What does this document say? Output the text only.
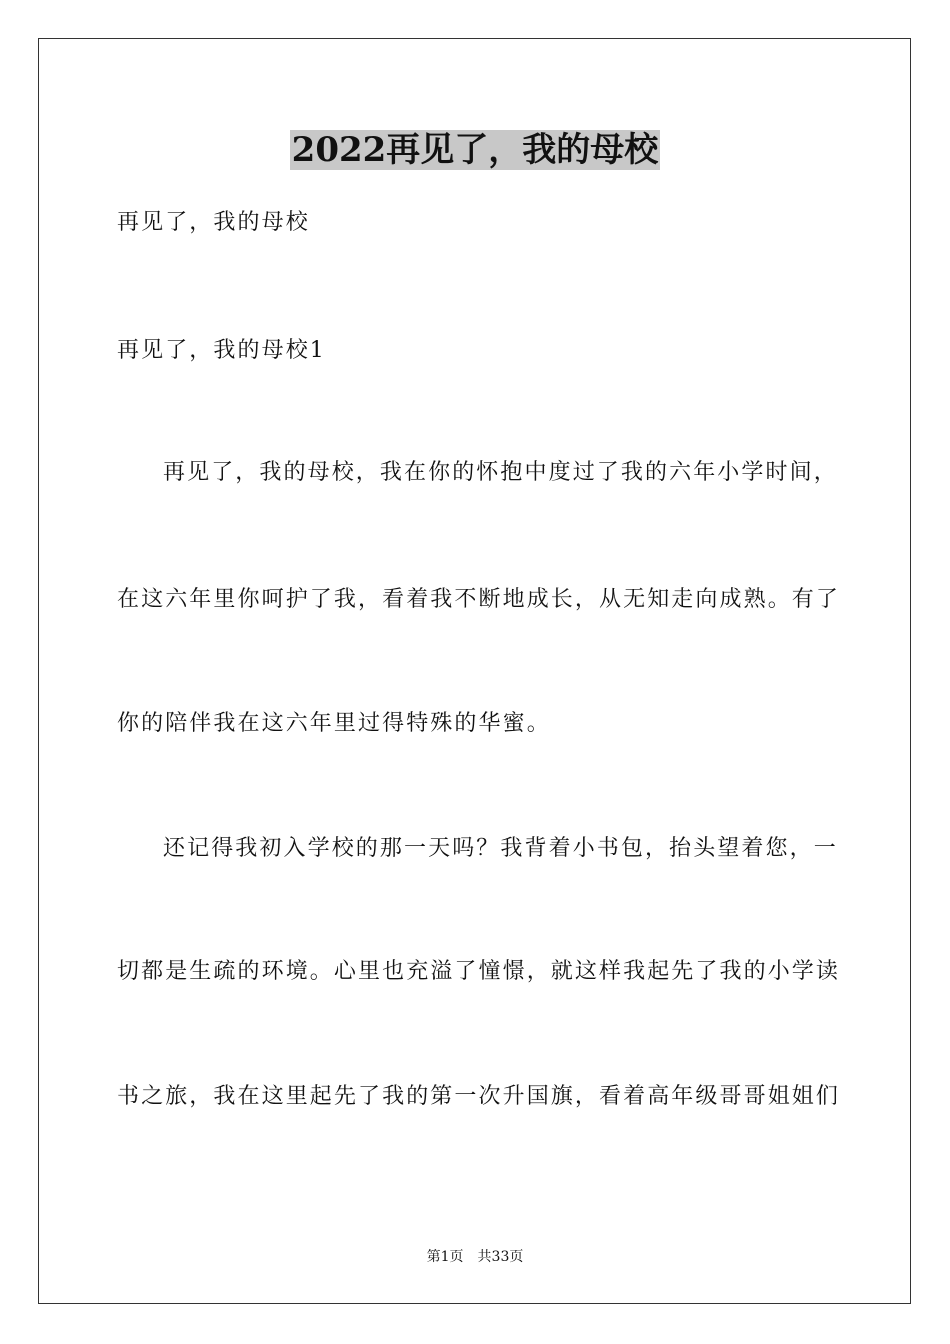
2022再见了，我的母校

再见了，我的母校

再见了，我的母校1

再见了，我的母校，我在你的怀抱中度过了我的六年小学时间，

在这六年里你呵护了我，看着我不断地成长，从无知走向成熟。有了

你的陪伴我在这六年里过得特殊的华蜜。

还记得我初入学校的那一天吗？我背着小书包，抬头望着您，一

切都是生疏的环境。心里也充溢了憧憬，就这样我起先了我的小学读

书之旅，我在这里起先了我的第一次升国旗，看着高年级哥哥姐姐们

第1页 共33页
